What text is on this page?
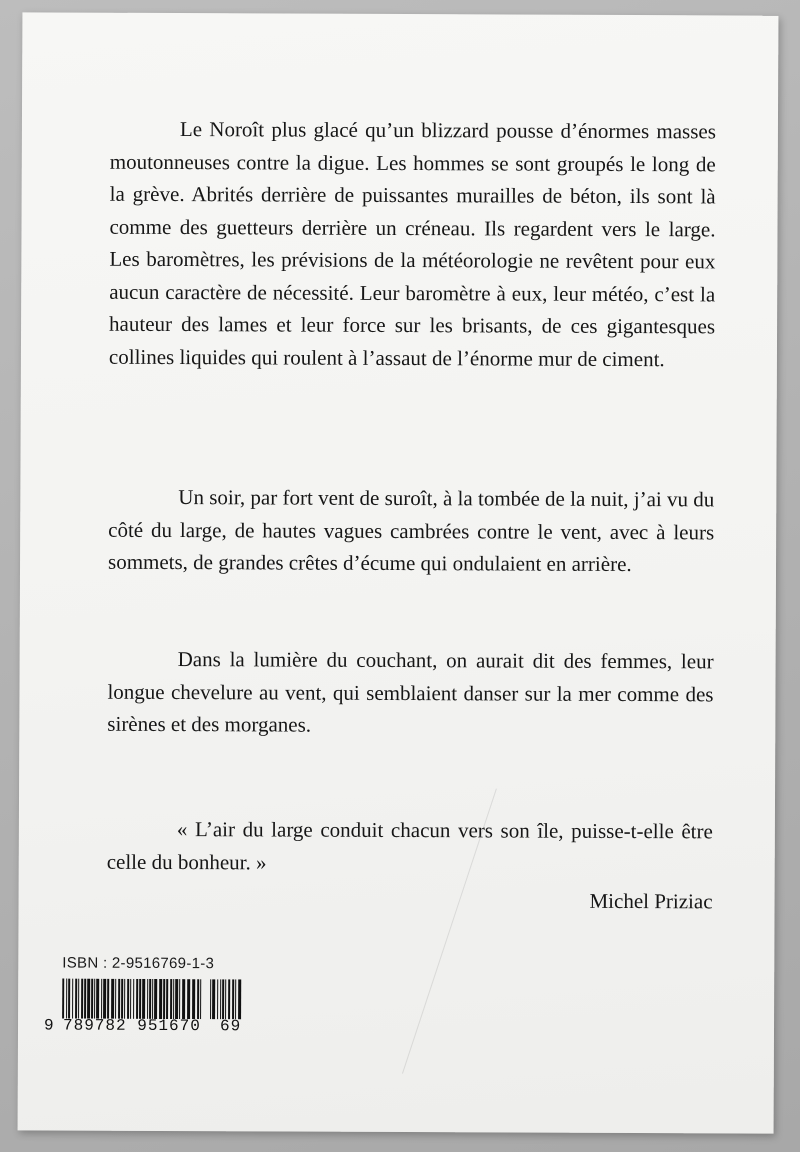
Le Noroît plus glacé qu’un blizzard pousse d’énormes masses moutonneuses contre la digue. Les hommes se sont groupés le long de la grève. Abrités derrière de puissantes murailles de béton, ils sont là comme des guetteurs derrière un créneau. Ils regardent vers le large. Les baromètres, les prévisions de la météorologie ne revêtent pour eux aucun caractère de nécessité. Leur baromètre à eux, leur météo, c’est la hauteur des lames et leur force sur les brisants, de ces gigantesques collines liquides qui roulent à l’assaut de l’énorme mur de ciment.

Un soir, par fort vent de suroît, à la tombée de la nuit, j’ai vu du côté du large, de hautes vagues cambrées contre le vent, avec à leurs sommets, de grandes crêtes d’écume qui ondulaient en arrière.

Dans la lumière du couchant, on aurait dit des femmes, leur longue chevelure au vent, qui semblaient danser sur la mer comme des sirènes et des morganes.

« L’air du large conduit chacun vers son île, puisse-t-elle être celle du bonheur. »

Michel Priziac

ISBN : 2-9516769-1-3
9 789782 951670 69
